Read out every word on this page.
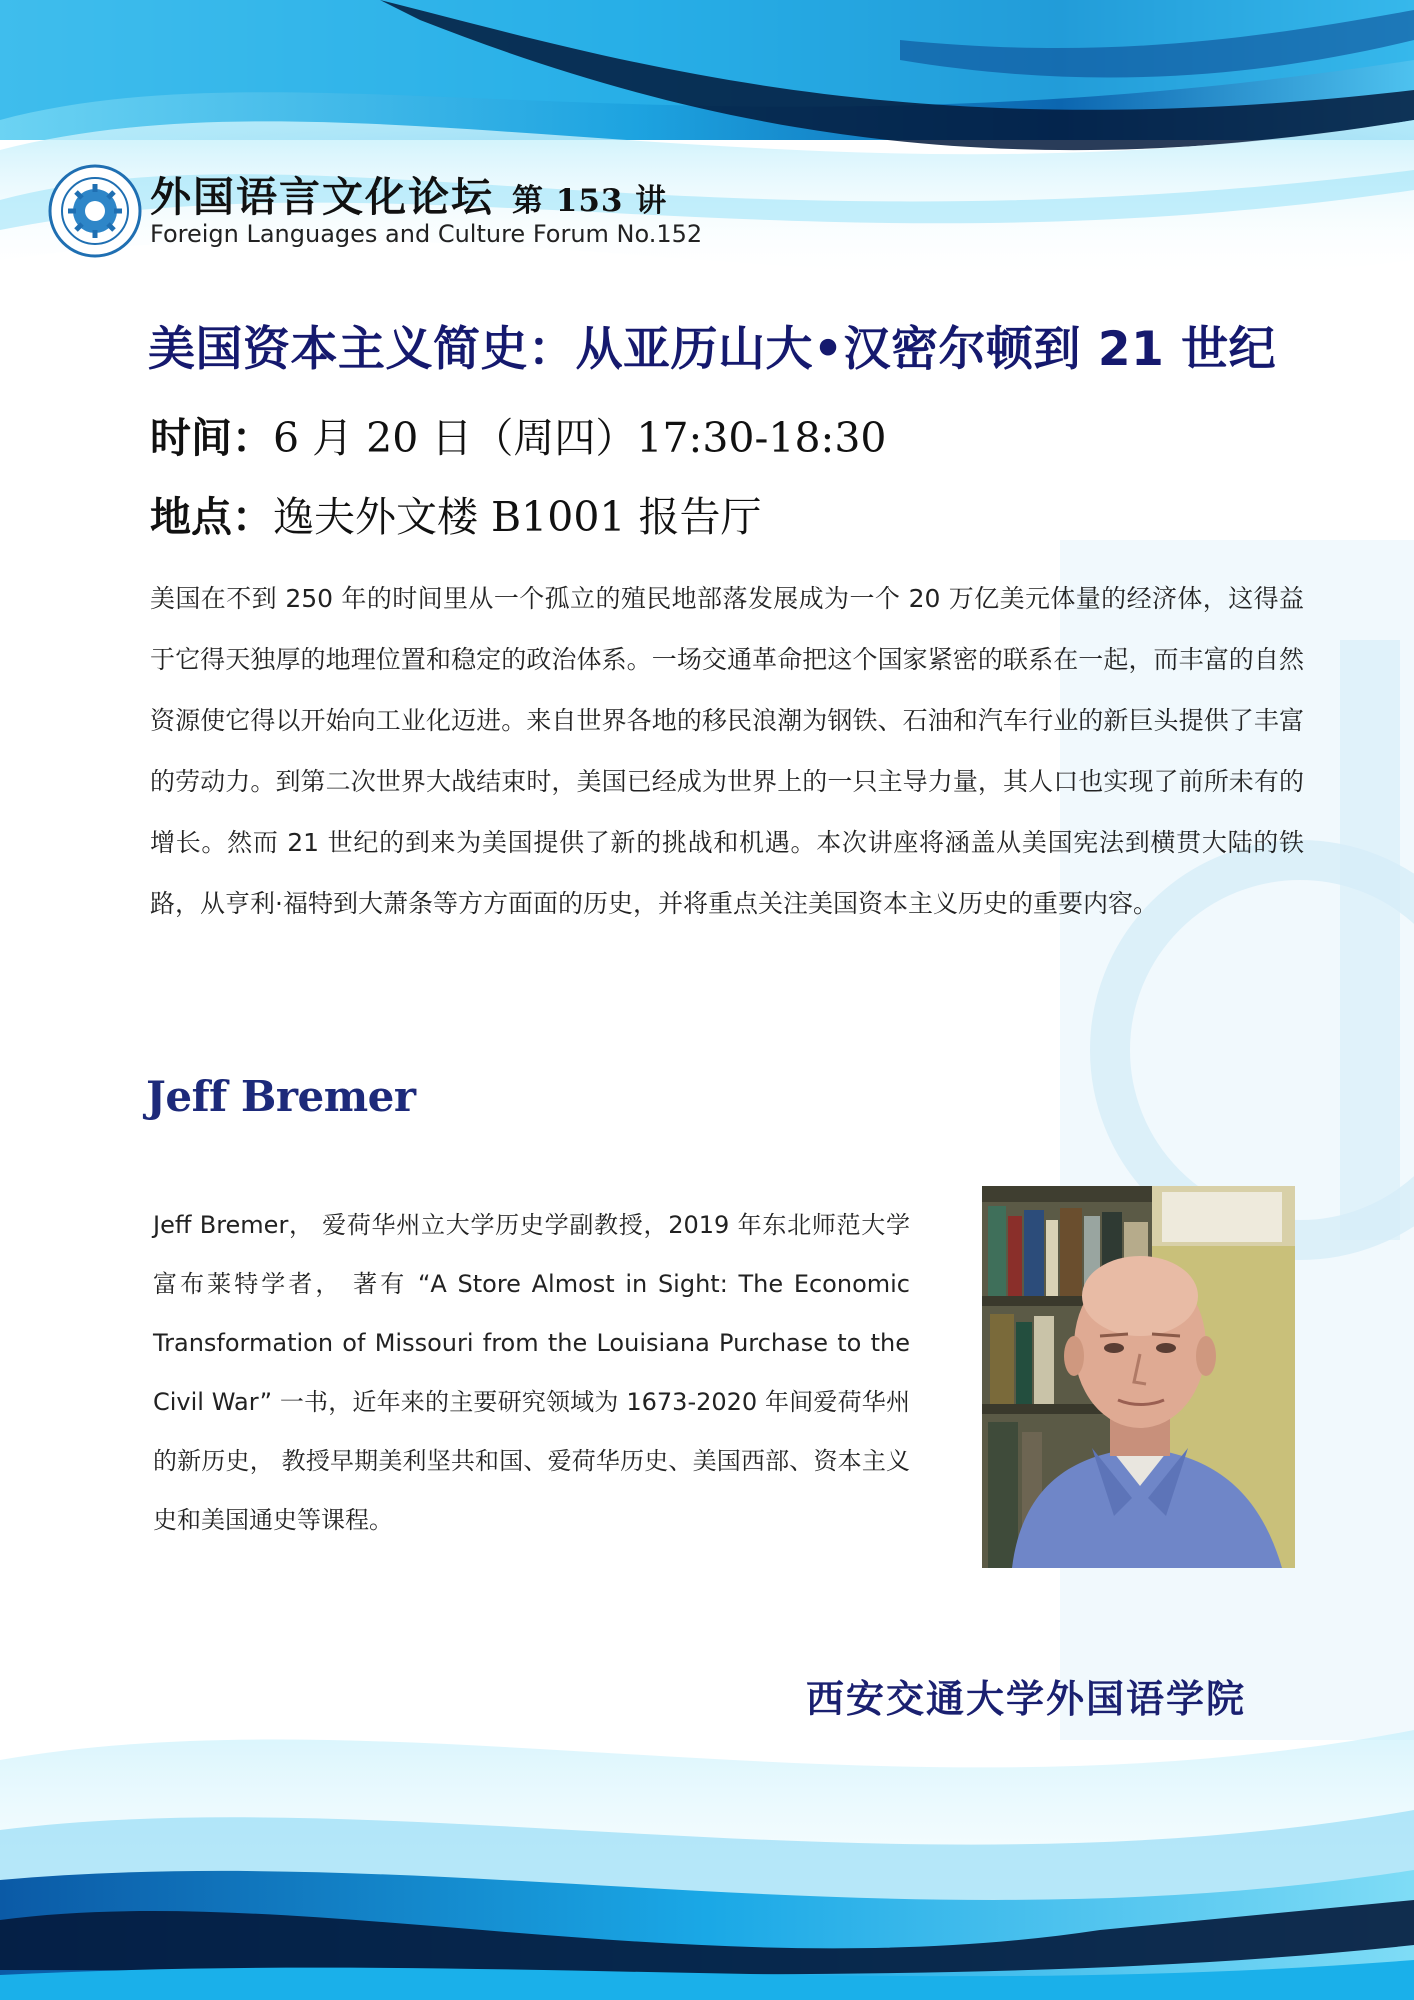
外国语言文化论坛 第 153 讲
Foreign Languages and Culture Forum No.152
美国资本主义简史：从亚历山大•汉密尔顿到 21 世纪
时间：6 月 20 日（周四）17:30-18:30
地点：逸夫外文楼 B1001 报告厅

美国在不到 250 年的时间里从一个孤立的殖民地部落发展成为一个 20 万亿美元体量的经济体，这得益于它得天独厚的地理位置和稳定的政治体系。一场交通革命把这个国家紧密的联系在一起，而丰富的自然资源使它得以开始向工业化迈进。来自世界各地的移民浪潮为钢铁、石油和汽车行业的新巨头提供了丰富的劳动力。到第二次世界大战结束时，美国已经成为世界上的一只主导力量，其人口也实现了前所未有的增长。然而 21 世纪的到来为美国提供了新的挑战和机遇。本次讲座将涵盖从美国宪法到横贯大陆的铁路，从亨利·福特到大萧条等方方面面的历史，并将重点关注美国资本主义历史的重要内容。

Jeff Bremer

Jeff Bremer， 爱荷华州立大学历史学副教授，2019 年东北师范大学富布莱特学者， 著有 “A Store Almost in Sight: The Economic Transformation of Missouri from the Louisiana Purchase to the Civil War” 一书，近年来的主要研究领域为 1673-2020 年间爱荷华州的新历史， 教授早期美利坚共和国、爱荷华历史、美国西部、资本主义史和美国通史等课程。

西安交通大学外国语学院
